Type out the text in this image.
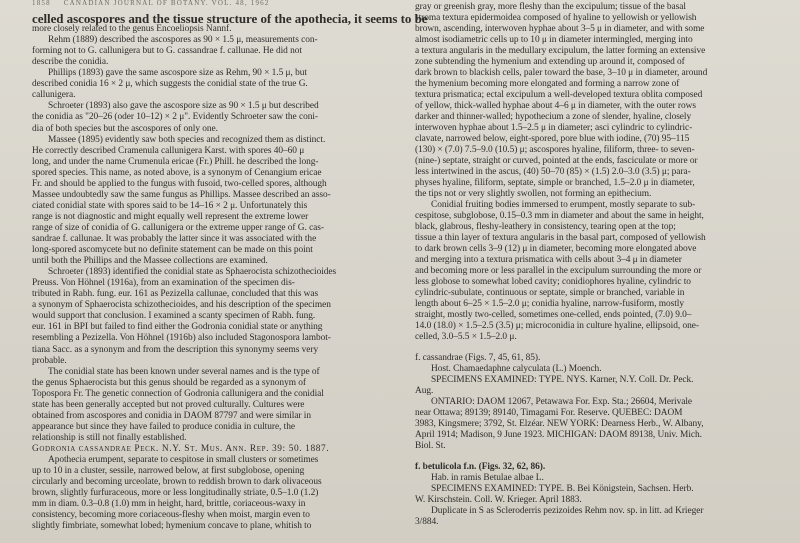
1858 CANADIAN JOURNAL OF BOTANY. VOL. 48, 1962
celled ascospores and the tissue structure of the apothecia, it seems to be
more closely related to the genus Encoeliopsis Nannf.
Rehm (1889) described the ascospores as 90 × 1.5 μ, measurements con-
forming not to G. callunigera but to G. cassandrae f. callunae. He did not
describe the conidia.
Phillips (1893) gave the same ascospore size as Rehm, 90 × 1.5 μ, but
described conidia 16 × 2 μ, which suggests the conidial state of the true G.
callunigera.
Schroeter (1893) also gave the ascospore size as 90 × 1.5 μ but described
the conidia as "20–26 (oder 10–12) × 2 μ". Evidently Schroeter saw the coni-
dia of both species but the ascospores of only one.
Massee (1895) evidently saw both species and recognized them as distinct.
He correctly described Cramenula callunigera Karst. with spores 40–60 μ
long, and under the name Crumenula ericae (Fr.) Phill. he described the long-
spored species. This name, as noted above, is a synonym of Cenangium ericae
Fr. and should be applied to the fungus with fusoid, two-celled spores, although
Massee undoubtedly saw the same fungus as Phillips. Massee described an asso-
ciated conidial state with spores said to be 14–16 × 2 μ. Unfortunately this
range is not diagnostic and might equally well represent the extreme lower
range of size of conidia of G. callunigera or the extreme upper range of G. cas-
sandrae f. callunae. It was probably the latter since it was associated with the
long-spored ascomycete but no definite statement can be made on this point
until both the Phillips and the Massee collections are examined.
Schroeter (1893) identified the conidial state as Sphaerocista schizothecioides
Preuss. Von Höhnel (1916a), from an examination of the specimen dis-
tributed in Rabh. fung. eur. 161 as Pezizella callunae, concluded that this was
a synonym of Sphaerocista schizothecioides, and his description of the specimen
would support that conclusion. I examined a scanty specimen of Rabh. fung.
eur. 161 in BPI but failed to find either the Godronia conidial state or anything
resembling a Pezizella. Von Höhnel (1916b) also included Stagonospora lambot-
tiana Sacc. as a synonym and from the description this synonymy seems very
probable.
The conidial state has been known under several names and is the type of
the genus Sphaerocista but this genus should be regarded as a synonym of
Topospora Fr. The genetic connection of Godronia callunigera and the conidial
state has been generally accepted but not proved culturally. Cultures were
obtained from ascospores and conidia in DAOM 87797 and were similar in
appearance but since they have failed to produce conidia in culture, the
relationship is still not finally established.
Godronia cassandrae Peck. N.Y. St. Mus. Ann. Rep. 39: 50. 1887.
Apothecia erumpent, separate to cespitose in small clusters or sometimes
up to 10 in a cluster, sessile, narrowed below, at first subglobose, opening
circularly and becoming urceolate, brown to reddish brown to dark olivaceous
brown, slightly furfuraceous, more or less longitudinally striate, 0.5–1.0 (1.2)
mm in diam. 0.3–0.8 (1.0) mm in height, hard, brittle, coriaceous-waxy in
consistency, becoming more coriaceous-fleshy when moist, margin even to
slightly fimbriate, somewhat lobed; hymenium concave to plane, whitish to
gray or greenish gray, more fleshy than the excipulum; tissue of the basal
stroma textura epidermoidea composed of hyaline to yellowish or yellowish
brown, ascending, interwoven hyphae about 3–5 μ in diameter, and with some
almost isodiametric cells up to 10 μ in diameter intermingled, merging into
a textura angularis in the medullary excipulum, the latter forming an extensive
zone subtending the hymenium and extending up around it, composed of
dark brown to blackish cells, paler toward the base, 3–10 μ in diameter, around
the hymenium becoming more elongated and forming a narrow zone of
textura prismatica; ectal excipulum a well-developed textura oblita composed
of yellow, thick-walled hyphae about 4–6 μ in diameter, with the outer rows
darker and thinner-walled; hypothecium a zone of slender, hyaline, closely
interwoven hyphae about 1.5–2.5 μ in diameter; asci cylindric to cylindric-
clavate, narrowed below, eight-spored, pore blue with iodine, (70) 95–115
(130) × (7.0) 7.5–9.0 (10.5) μ; ascospores hyaline, filiform, three- to seven-
(nine-) septate, straight or curved, pointed at the ends, fasciculate or more or
less intertwined in the ascus, (40) 50–70 (85) × (1.5) 2.0–3.0 (3.5) μ; para-
physes hyaline, filiform, septate, simple or branched, 1.5–2.0 μ in diameter,
the tips not or very slightly swollen, not forming an epithecium.
Conidial fruiting bodies immersed to erumpent, mostly separate to sub-
cespitose, subglobose, 0.15–0.3 mm in diameter and about the same in height,
black, glabrous, fleshy-leathery in consistency, tearing open at the top;
tissue a thin layer of textura angularis in the basal part, composed of yellowish
to dark brown cells 3–9 (12) μ in diameter, becoming more elongated above
and merging into a textura prismatica with cells about 3–4 μ in diameter
and becoming more or less parallel in the excipulum surrounding the more or
less globose to somewhat lobed cavity; conidiophores hyaline, cylindric to
cylindric-subulate, continuous or septate, simple or branched, variable in
length about 6–25 × 1.5–2.0 μ; conidia hyaline, narrow-fusiform, mostly
straight, mostly two-celled, sometimes one-celled, ends pointed, (7.0) 9.0–
14.0 (18.0) × 1.5–2.5 (3.5) μ; microconidia in culture hyaline, ellipsoid, one-
celled, 3.0–5.5 × 1.5–2.0 μ.
f. cassandrae (Figs. 7, 45, 61, 85).
Host. Chamaedaphne calyculata (L.) Moench.
SPECIMENS EXAMINED: TYPE. NYS. Karner, N.Y. Coll. Dr. Peck.
Aug.
ONTARIO: DAOM 12067, Petawawa For. Exp. Sta.; 26604, Merivale
near Ottawa; 89139; 89140, Timagami For. Reserve. QUEBEC: DAOM
3983, Kingsmere; 3792, St. Elzéar. NEW YORK: Dearness Herb., W. Albany,
April 1914; Madison, 9 June 1923. MICHIGAN: DAOM 89138, Univ. Mich.
Biol. St.
f. betulicola f.n. (Figs. 32, 62, 86).
Hab. in ramis Betulae albae L.
SPECIMENS EXAMINED: TYPE. B. Bei Königstein, Sachsen. Herb.
W. Kirschstein. Coll. W. Krieger. April 1883.
Duplicate in S as Scleroderris pezizoides Rehm nov. sp. in litt. ad Krieger
3/884.
